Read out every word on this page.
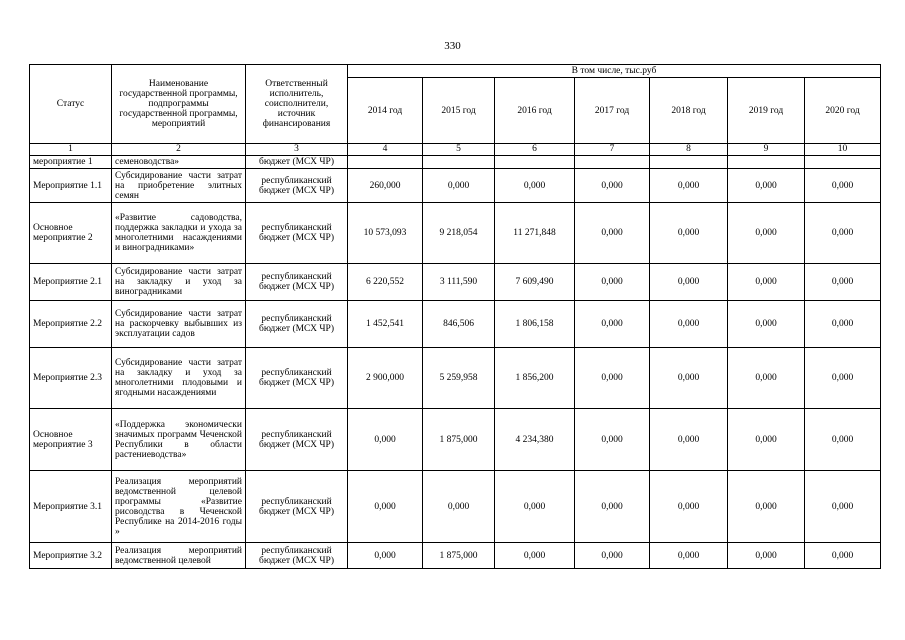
330
Статус	Наименование государственной программы, подпрограммы государственной программы, мероприятий	Ответственный исполнитель, соисполнители, источник финансирования	В том числе, тыс.руб						
			2014 год	2015 год	2016 год	2017 год	2018 год	2019 год	2020 год
1	2	3	4	5	6	7	8	9	10
мероприятие 1	семеноводства»	бюджет (МСХ ЧР)							
Мероприятие 1.1	Субсидирование части затрат на приобретение элитных семян	республиканский бюджет (МСХ ЧР)	260,000	0,000	0,000	0,000	0,000	0,000	0,000
Основное мероприятие 2	«Развитие садоводства, поддержка закладки и ухода за многолетними насаждениями и виноградниками»	республиканский бюджет (МСХ ЧР)	10 573,093	9 218,054	11 271,848	0,000	0,000	0,000	0,000
Мероприятие 2.1	Субсидирование части затрат на закладку и уход за виноградниками	республиканский бюджет (МСХ ЧР)	6 220,552	3 111,590	7 609,490	0,000	0,000	0,000	0,000
Мероприятие 2.2	Субсидирование части затрат на раскорчевку выбывших из эксплуатации садов	республиканский бюджет (МСХ ЧР)	1 452,541	846,506	1 806,158	0,000	0,000	0,000	0,000
Мероприятие 2.3	Субсидирование части затрат на закладку и уход за многолетними плодовыми и ягодными насаждениями	республиканский бюджет (МСХ ЧР)	2 900,000	5 259,958	1 856,200	0,000	0,000	0,000	0,000
Основное мероприятие 3	«Поддержка экономически значимых программ Чеченской Республики в области растениеводства»	республиканский бюджет (МСХ ЧР)	0,000	1 875,000	4 234,380	0,000	0,000	0,000	0,000
Мероприятие 3.1	Реализация мероприятий ведомственной целевой программы «Развитие рисоводства в Чеченской Республике на 2014-2016 годы »	республиканский бюджет (МСХ ЧР)	0,000	0,000	0,000	0,000	0,000	0,000	0,000
Мероприятие 3.2	Реализация мероприятий ведомственной целевой	республиканский бюджет (МСХ ЧР)	0,000	1 875,000	0,000	0,000	0,000	0,000	0,000
